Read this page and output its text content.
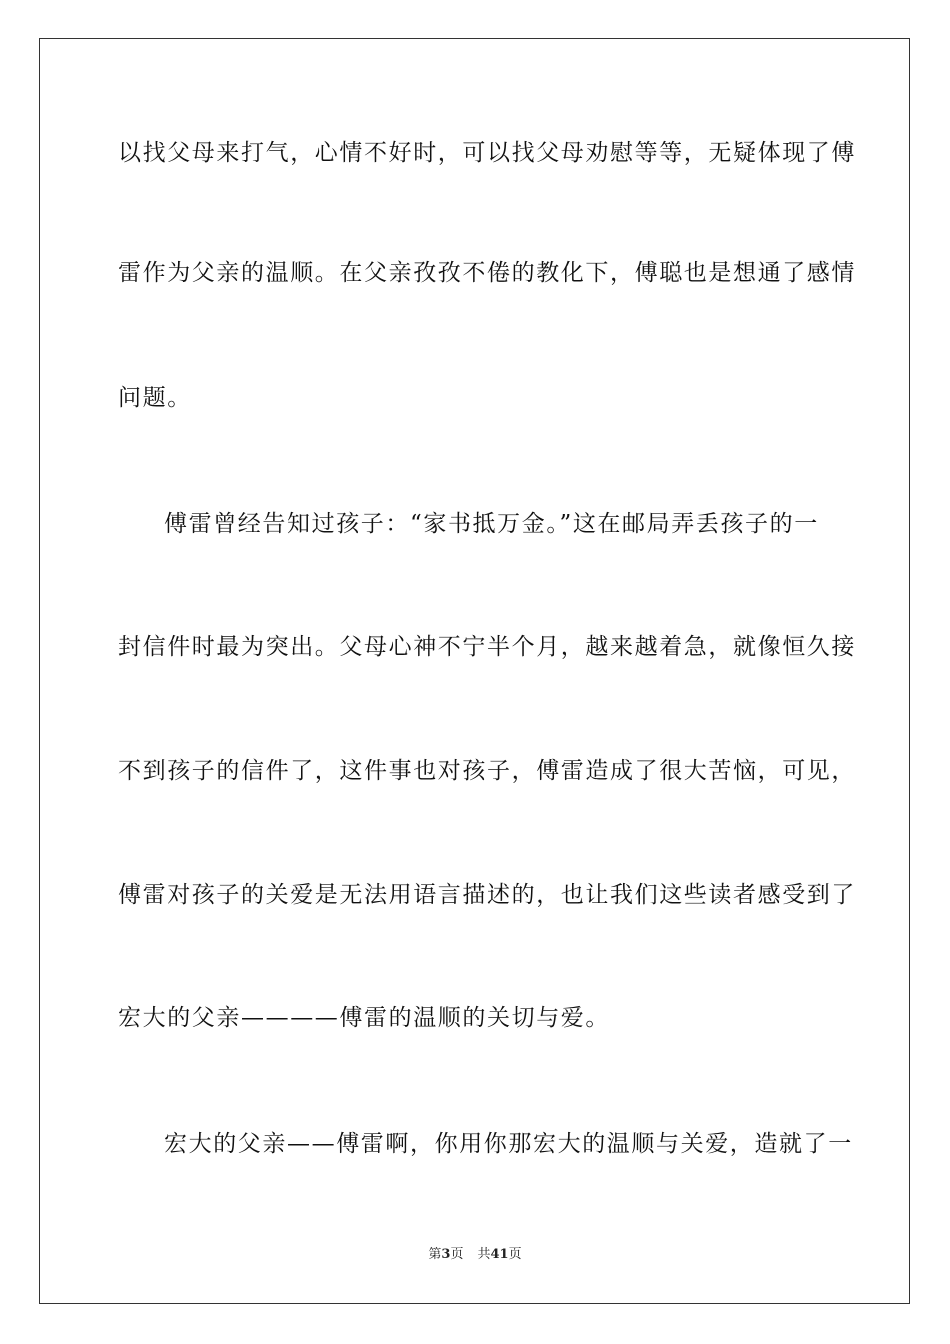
以找父母来打气，心情不好时，可以找父母劝慰等等，无疑体现了傅
雷作为父亲的温顺。在父亲孜孜不倦的教化下，傅聪也是想通了感情
问题。
傅雷曾经告知过孩子：“家书抵万金。”这在邮局弄丢孩子的一
封信件时最为突出。父母心神不宁半个月，越来越着急，就像恒久接
不到孩子的信件了，这件事也对孩子，傅雷造成了很大苦恼，可见，
傅雷对孩子的关爱是无法用语言描述的，也让我们这些读者感受到了
宏大的父亲————傅雷的温顺的关切与爱。
宏大的父亲——傅雷啊，你用你那宏大的温顺与关爱，造就了一
第3页 共41页
